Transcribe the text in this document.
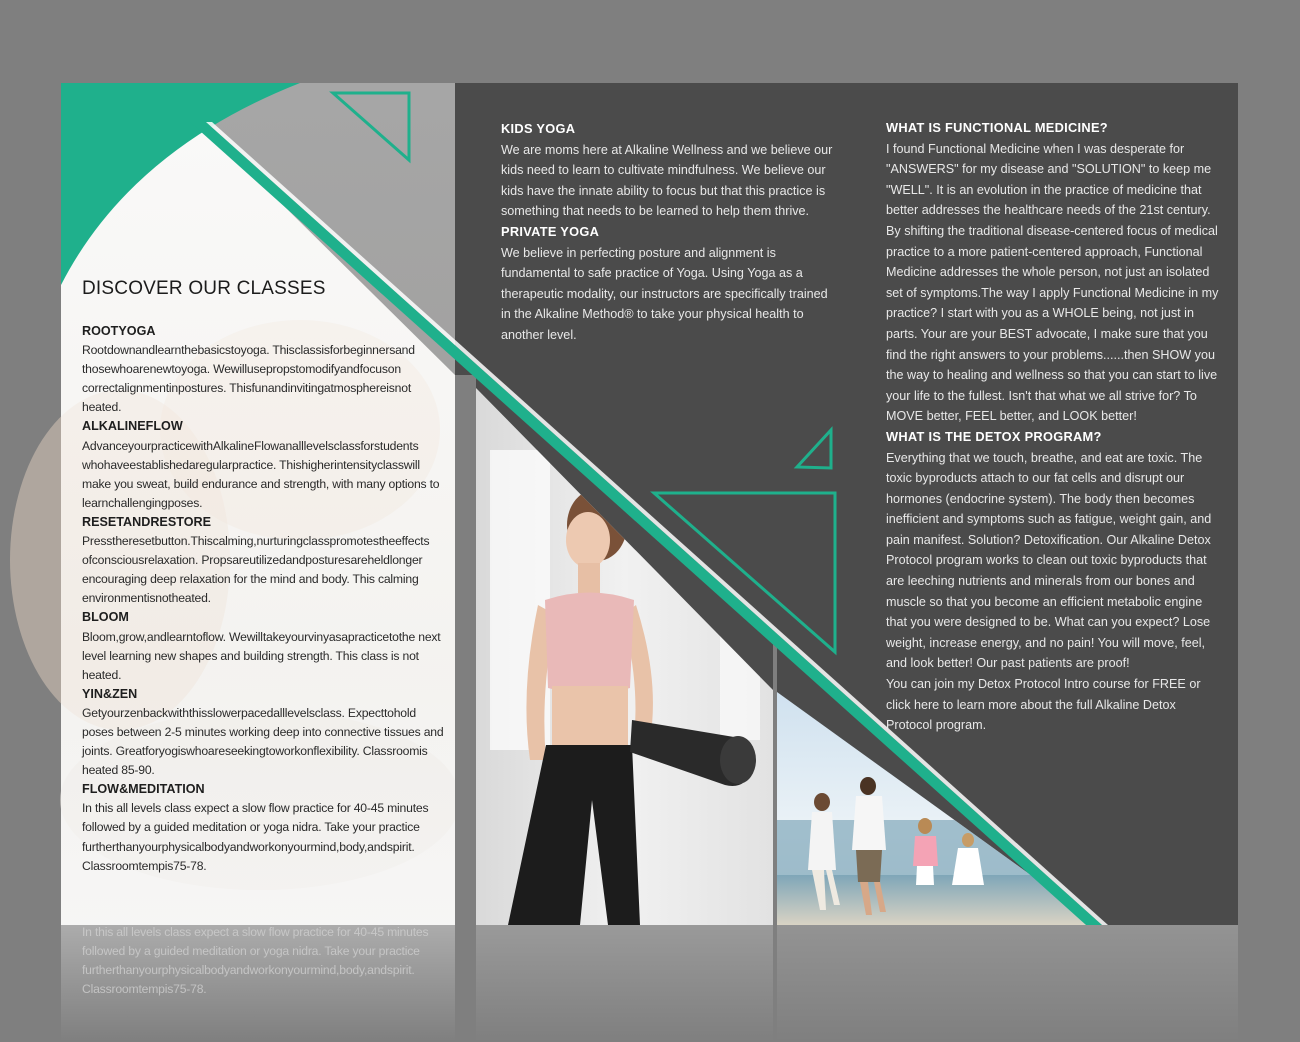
DISCOVER OUR CLASSES
ROOTYOGA

Rootdownandlearnthebasicstoyoga. Thisclassisforbeginnersand thosewhoarenewtoyoga. Wewillusepropstomodifyandfocuson correctalignmentinpostures. Thisfunandinvitingatmosphereisnot heated.

ALKALINEFLOW

AdvanceyourpracticewithAlkalineFlowanalllevelsclassforstudents whohaveestablishedaregularpractice. Thishigherintensityclasswill make you sweat, build endurance and strength, with many options to learnchallengingposes.

RESETANDRESTORE

Presstheresetbutton.Thiscalming,nurturingclasspromotestheeffects ofconsciousrelaxation. Propsareutilizedandposturesareheldlonger encouraging deep relaxation for the mind and body. This calming environmentisnotheated.

BLOOM

Bloom,grow,andlearntoflow. Wewilltakeyourvinyasapracticetothe next level learning new shapes and building strength. This class is not heated.

YIN&ZEN

Getyourzenbackwiththisslowerpacedalllevelsclass. Expecttohold poses between 2-5 minutes working deep into connective tissues and joints. Greatforyogiswhoareseekingtoworkonflexibility. Classroomis heated 85-90.

FLOW&MEDITATION

In this all levels class expect a slow flow practice for 40-45 minutes followed by a guided meditation or yoga nidra. Take your practice furtherthanyourphysicalbodyandworkonyourmind,body,andspirit. Classroomtempis75-78.

In this all levels class expect a slow flow practice for 40-45 minutes followed by a guided meditation or yoga nidra. Take your practice furtherthanyourphysicalbodyandworkonyourmind,body,andspirit. Classroomtempis75-78.

KIDS YOGA

We are moms here at Alkaline Wellness and we believe our kids need to learn to cultivate mindfulness. We believe our kids have the innate ability to focus but that this practice is something that needs to be learned to help them thrive.

PRIVATE YOGA

We believe in perfecting posture and alignment is fundamental to safe practice of Yoga. Using Yoga as a therapeutic modality, our instructors are specifically trained in the Alkaline Method® to take your physical health to another level.

WHAT IS FUNCTIONAL MEDICINE?

I found Functional Medicine when I was desperate for "ANSWERS" for my disease and "SOLUTION" to keep me "WELL". It is an evolution in the practice of medicine that better addresses the healthcare needs of the 21st century. By shifting the traditional disease-centered focus of medical practice to a more patient-centered approach, Functional Medicine addresses the whole person, not just an isolated set of symptoms.The way I apply Functional Medicine in my practice? I start with you as a WHOLE being, not just in parts. Your are your BEST advocate, I make sure that you find the right answers to your problems......then SHOW you the way to healing and wellness so that you can start to live your life to the fullest. Isn't that what we all strive for? To MOVE better, FEEL better, and LOOK better!

WHAT IS THE DETOX PROGRAM?

Everything that we touch, breathe, and eat are toxic. The toxic byproducts attach to our fat cells and disrupt our hormones (endocrine system). The body then becomes inefficient and symptoms such as fatigue, weight gain, and pain manifest. Solution? Detoxification. Our Alkaline Detox Protocol program works to clean out toxic byproducts that are leeching nutrients and minerals from our bones and muscle so that you become an efficient metabolic engine that you were designed to be. What can you expect? Lose weight, increase energy, and no pain! You will move, feel, and look better! Our past patients are proof!

You can join my Detox Protocol Intro course for FREE or click here to learn more about the full Alkaline Detox Protocol program.
